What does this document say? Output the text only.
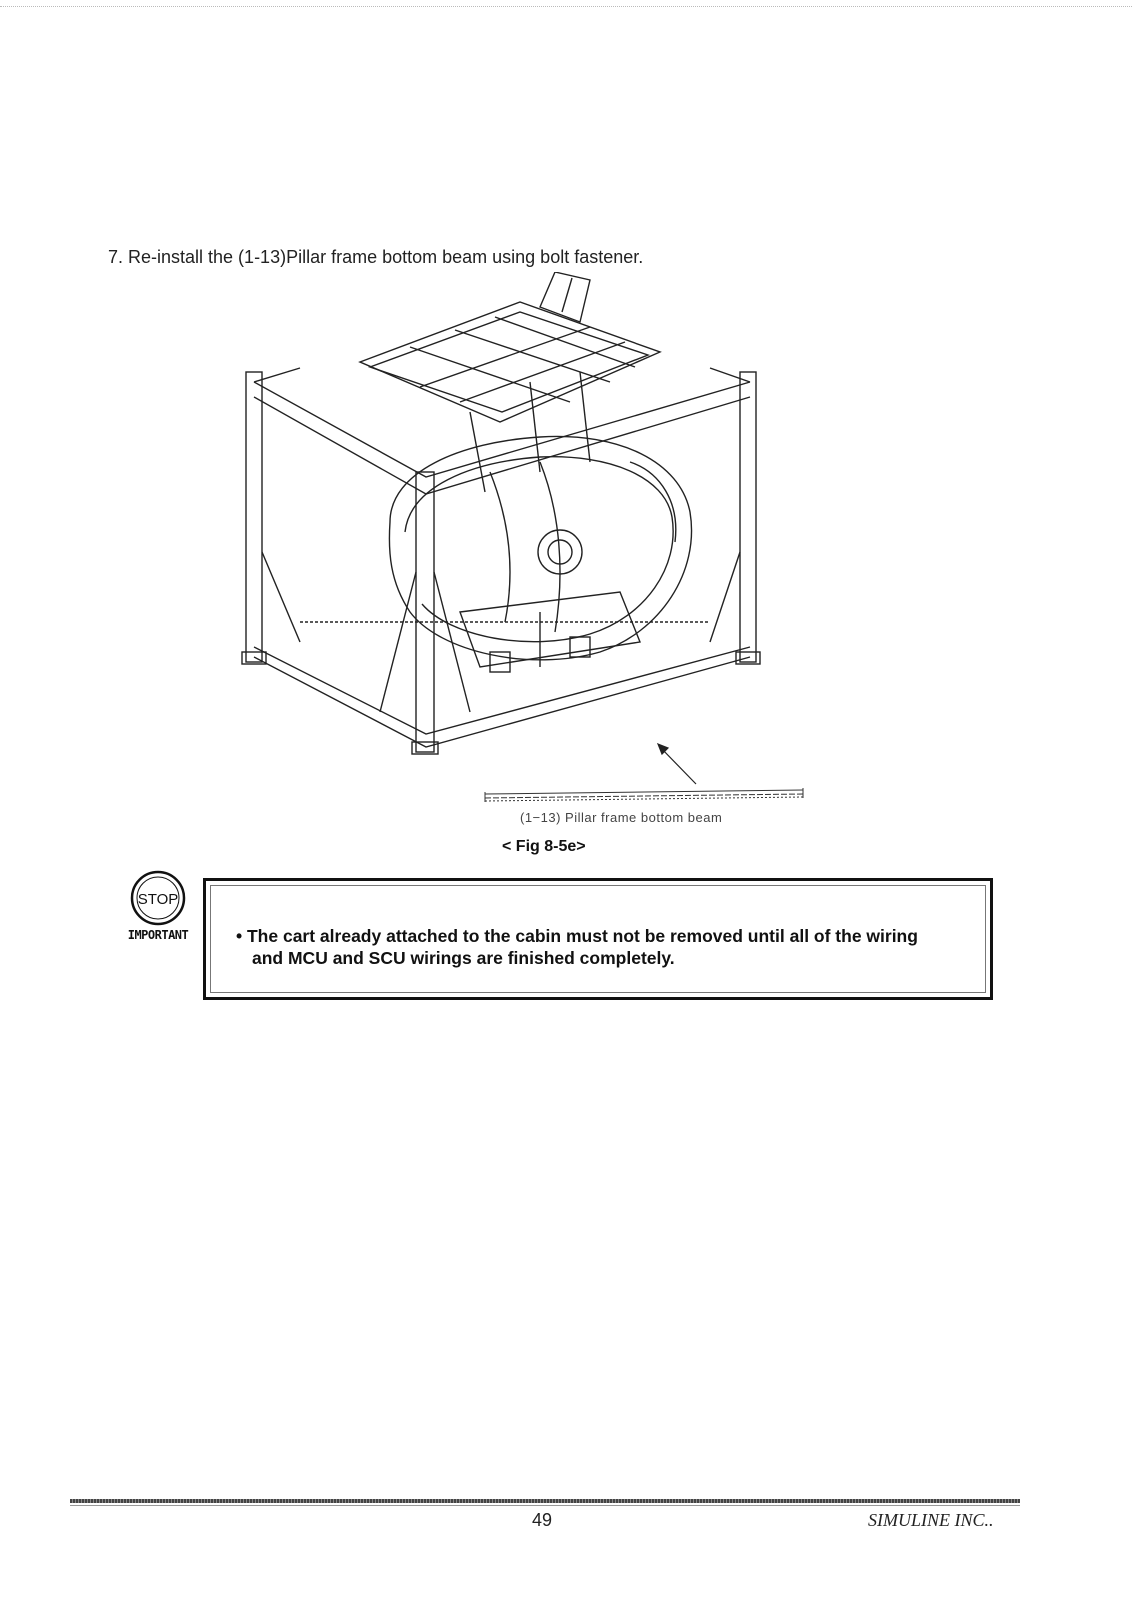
7. Re-install the (1-13)Pillar frame bottom beam using bolt fastener.
(1−13) Pillar frame bottom beam
< Fig 8-5e>
STOP
IMPORTANT	• The cart already attached to the cabin must not be removed until all of the wiring
and MCU and SCU wirings are finished completely.
49	SIMULINE INC..
